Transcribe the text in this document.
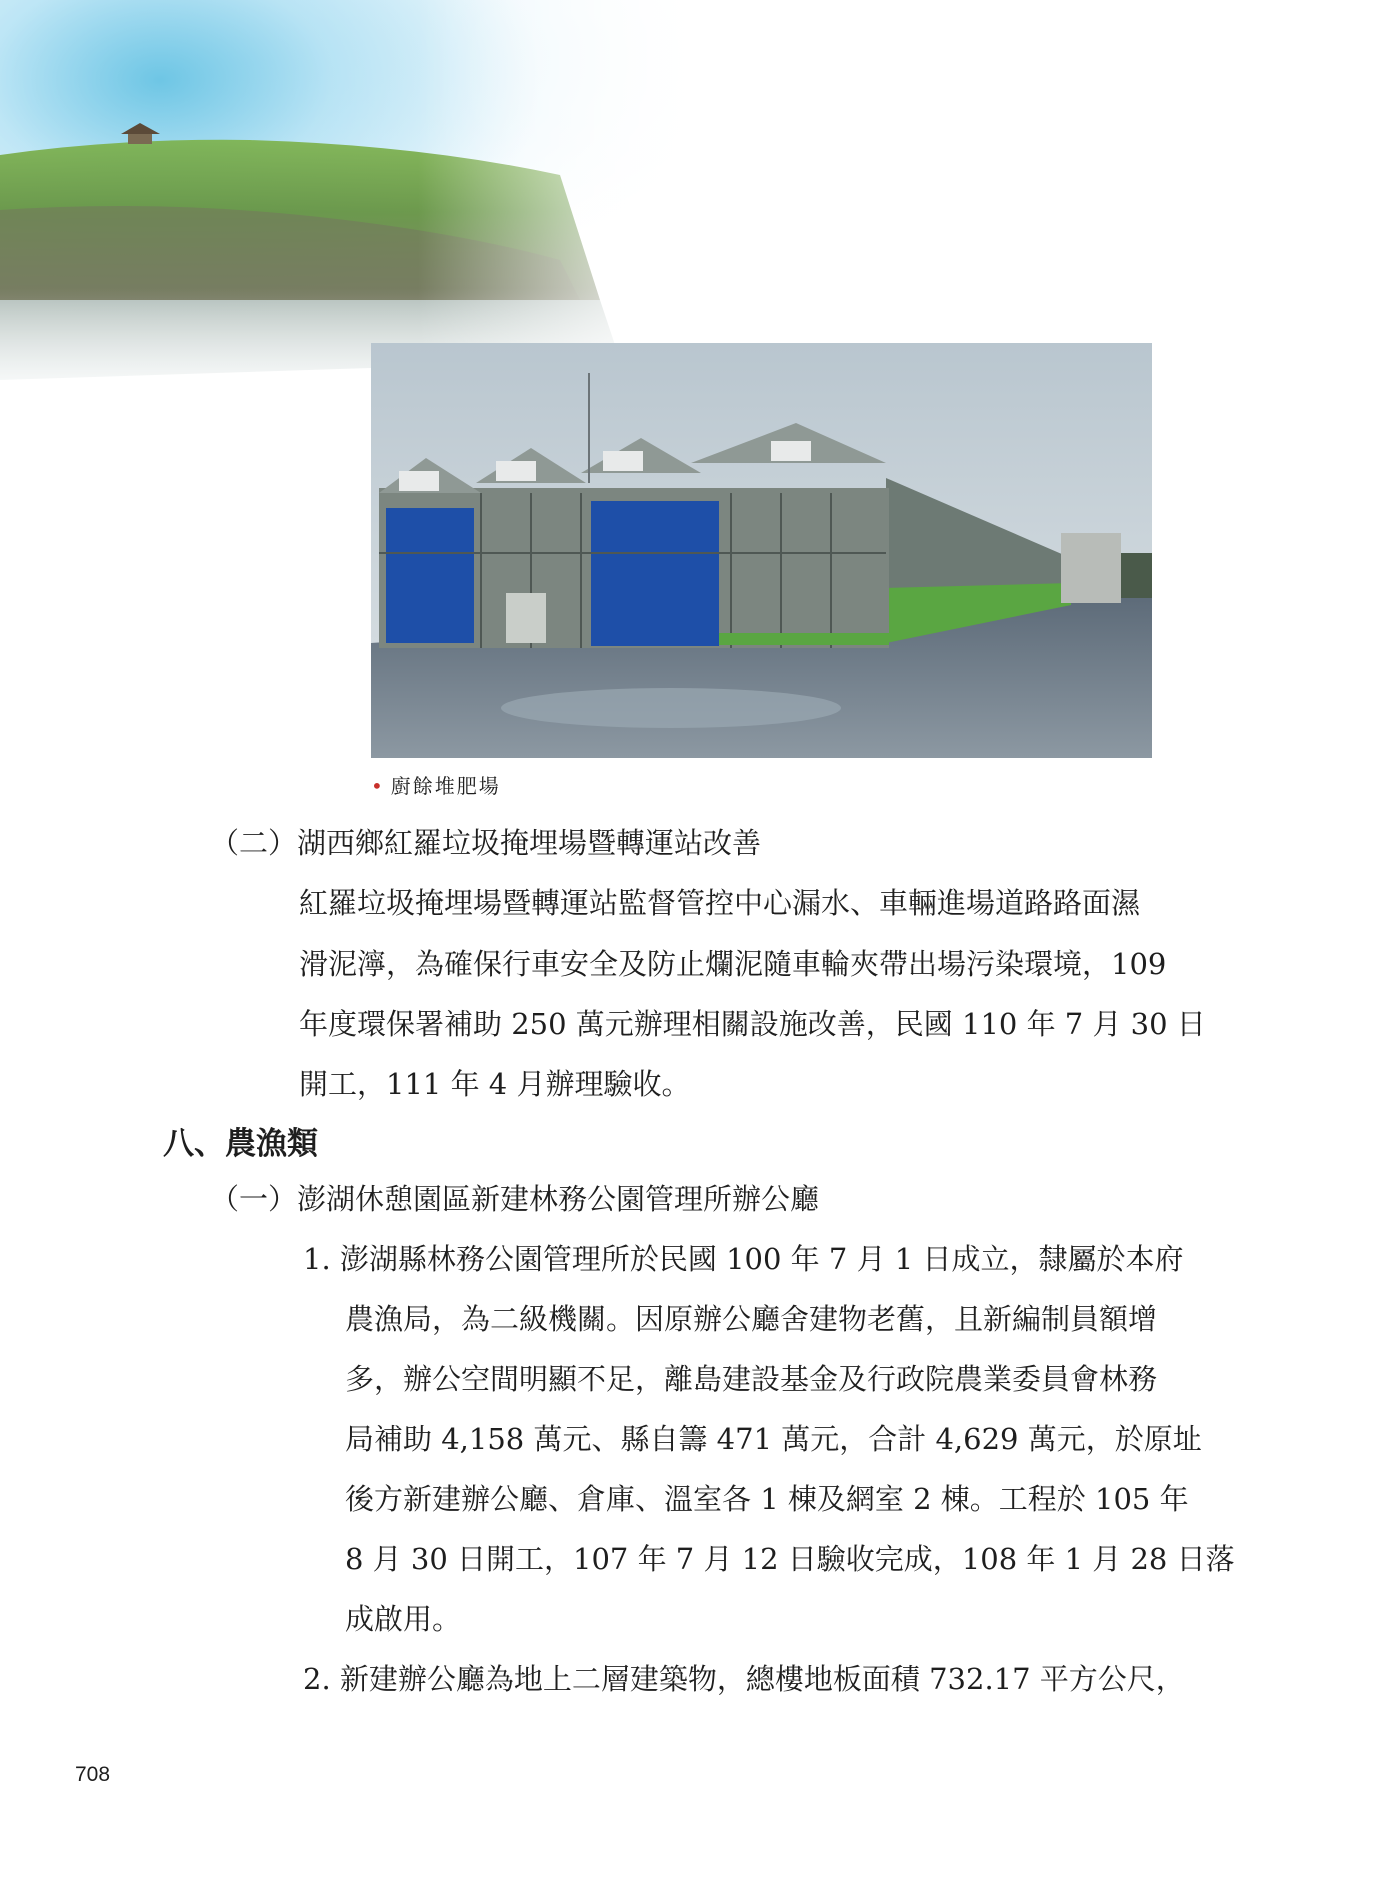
• 廚餘堆肥場
（二）湖西鄉紅羅垃圾掩埋場暨轉運站改善
紅羅垃圾掩埋場暨轉運站監督管控中心漏水、車輛進場道路路面濕
滑泥濘，為確保行車安全及防止爛泥隨車輪夾帶出場污染環境，109
年度環保署補助 250 萬元辦理相關設施改善，民國 110 年 7 月 30 日
開工，111 年 4 月辦理驗收。
八、農漁類
（一）澎湖休憩園區新建林務公園管理所辦公廳
1. 澎湖縣林務公園管理所於民國 100 年 7 月 1 日成立，隸屬於本府
農漁局，為二級機關。因原辦公廳舍建物老舊，且新編制員額增
多，辦公空間明顯不足，離島建設基金及行政院農業委員會林務
局補助 4,158 萬元、縣自籌 471 萬元，合計 4,629 萬元，於原址
後方新建辦公廳、倉庫、溫室各 1 棟及網室 2 棟。工程於 105 年
8 月 30 日開工，107 年 7 月 12 日驗收完成，108 年 1 月 28 日落
成啟用。
2. 新建辦公廳為地上二層建築物，總樓地板面積 732.17 平方公尺，
708
